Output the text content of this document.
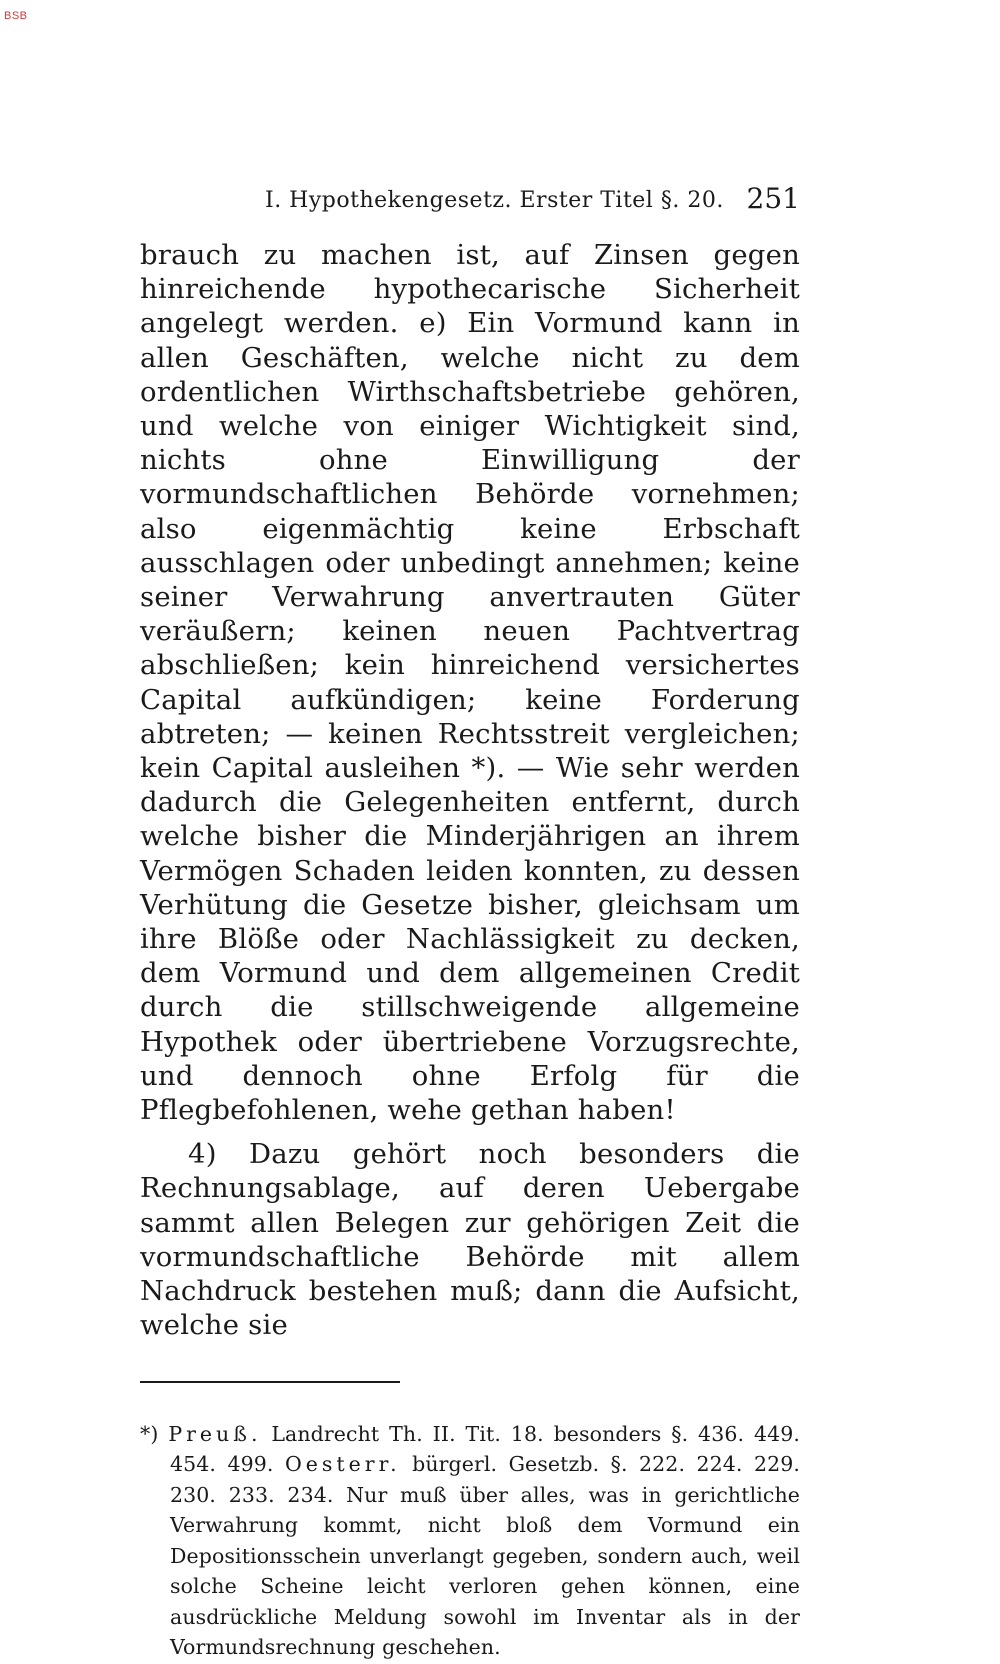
BSB
I. Hypothekengesetz. Erster Titel §. 20. 251

brauch zu machen ist, auf Zinsen gegen hinreichende hypothecarische Sicherheit angelegt werden. e) Ein Vormund kann in allen Geschäften, welche nicht zu dem ordentlichen Wirthschaftsbetriebe gehören, und welche von einiger Wichtigkeit sind, nichts ohne Einwilligung der vormundschaftlichen Behörde vornehmen; also eigenmächtig keine Erbschaft ausschlagen oder unbedingt annehmen; keine seiner Verwahrung anvertrauten Güter veräußern; keinen neuen Pachtvertrag abschließen; kein hinreichend versichertes Capital aufkündigen; keine Forderung abtreten; — keinen Rechtsstreit vergleichen; kein Capital ausleihen *). — Wie sehr werden dadurch die Gelegenheiten entfernt, durch welche bisher die Minderjährigen an ihrem Vermögen Schaden leiden konnten, zu dessen Verhütung die Gesetze bisher, gleichsam um ihre Blöße oder Nachlässigkeit zu decken, dem Vormund und dem allgemeinen Credit durch die stillschweigende allgemeine Hypothek oder übertriebene Vorzugsrechte, und dennoch ohne Erfolg für die Pflegbefohlenen, wehe gethan haben!

4) Dazu gehört noch besonders die Rechnungsablage, auf deren Uebergabe sammt allen Belegen zur gehörigen Zeit die vormundschaftliche Behörde mit allem Nachdruck bestehen muß; dann die Aufsicht, welche sie

*) Preuß. Landrecht Th. II. Tit. 18. besonders §. 436. 449. 454. 499. Oesterr. bürgerl. Gesetzb. §. 222. 224. 229. 230. 233. 234. Nur muß über alles, was in gerichtliche Verwahrung kommt, nicht bloß dem Vormund ein Depositionsschein unverlangt gegeben, sondern auch, weil solche Scheine leicht verloren gehen können, eine ausdrückliche Meldung sowohl im Inventar als in der Vormundsrechnung geschehen.
